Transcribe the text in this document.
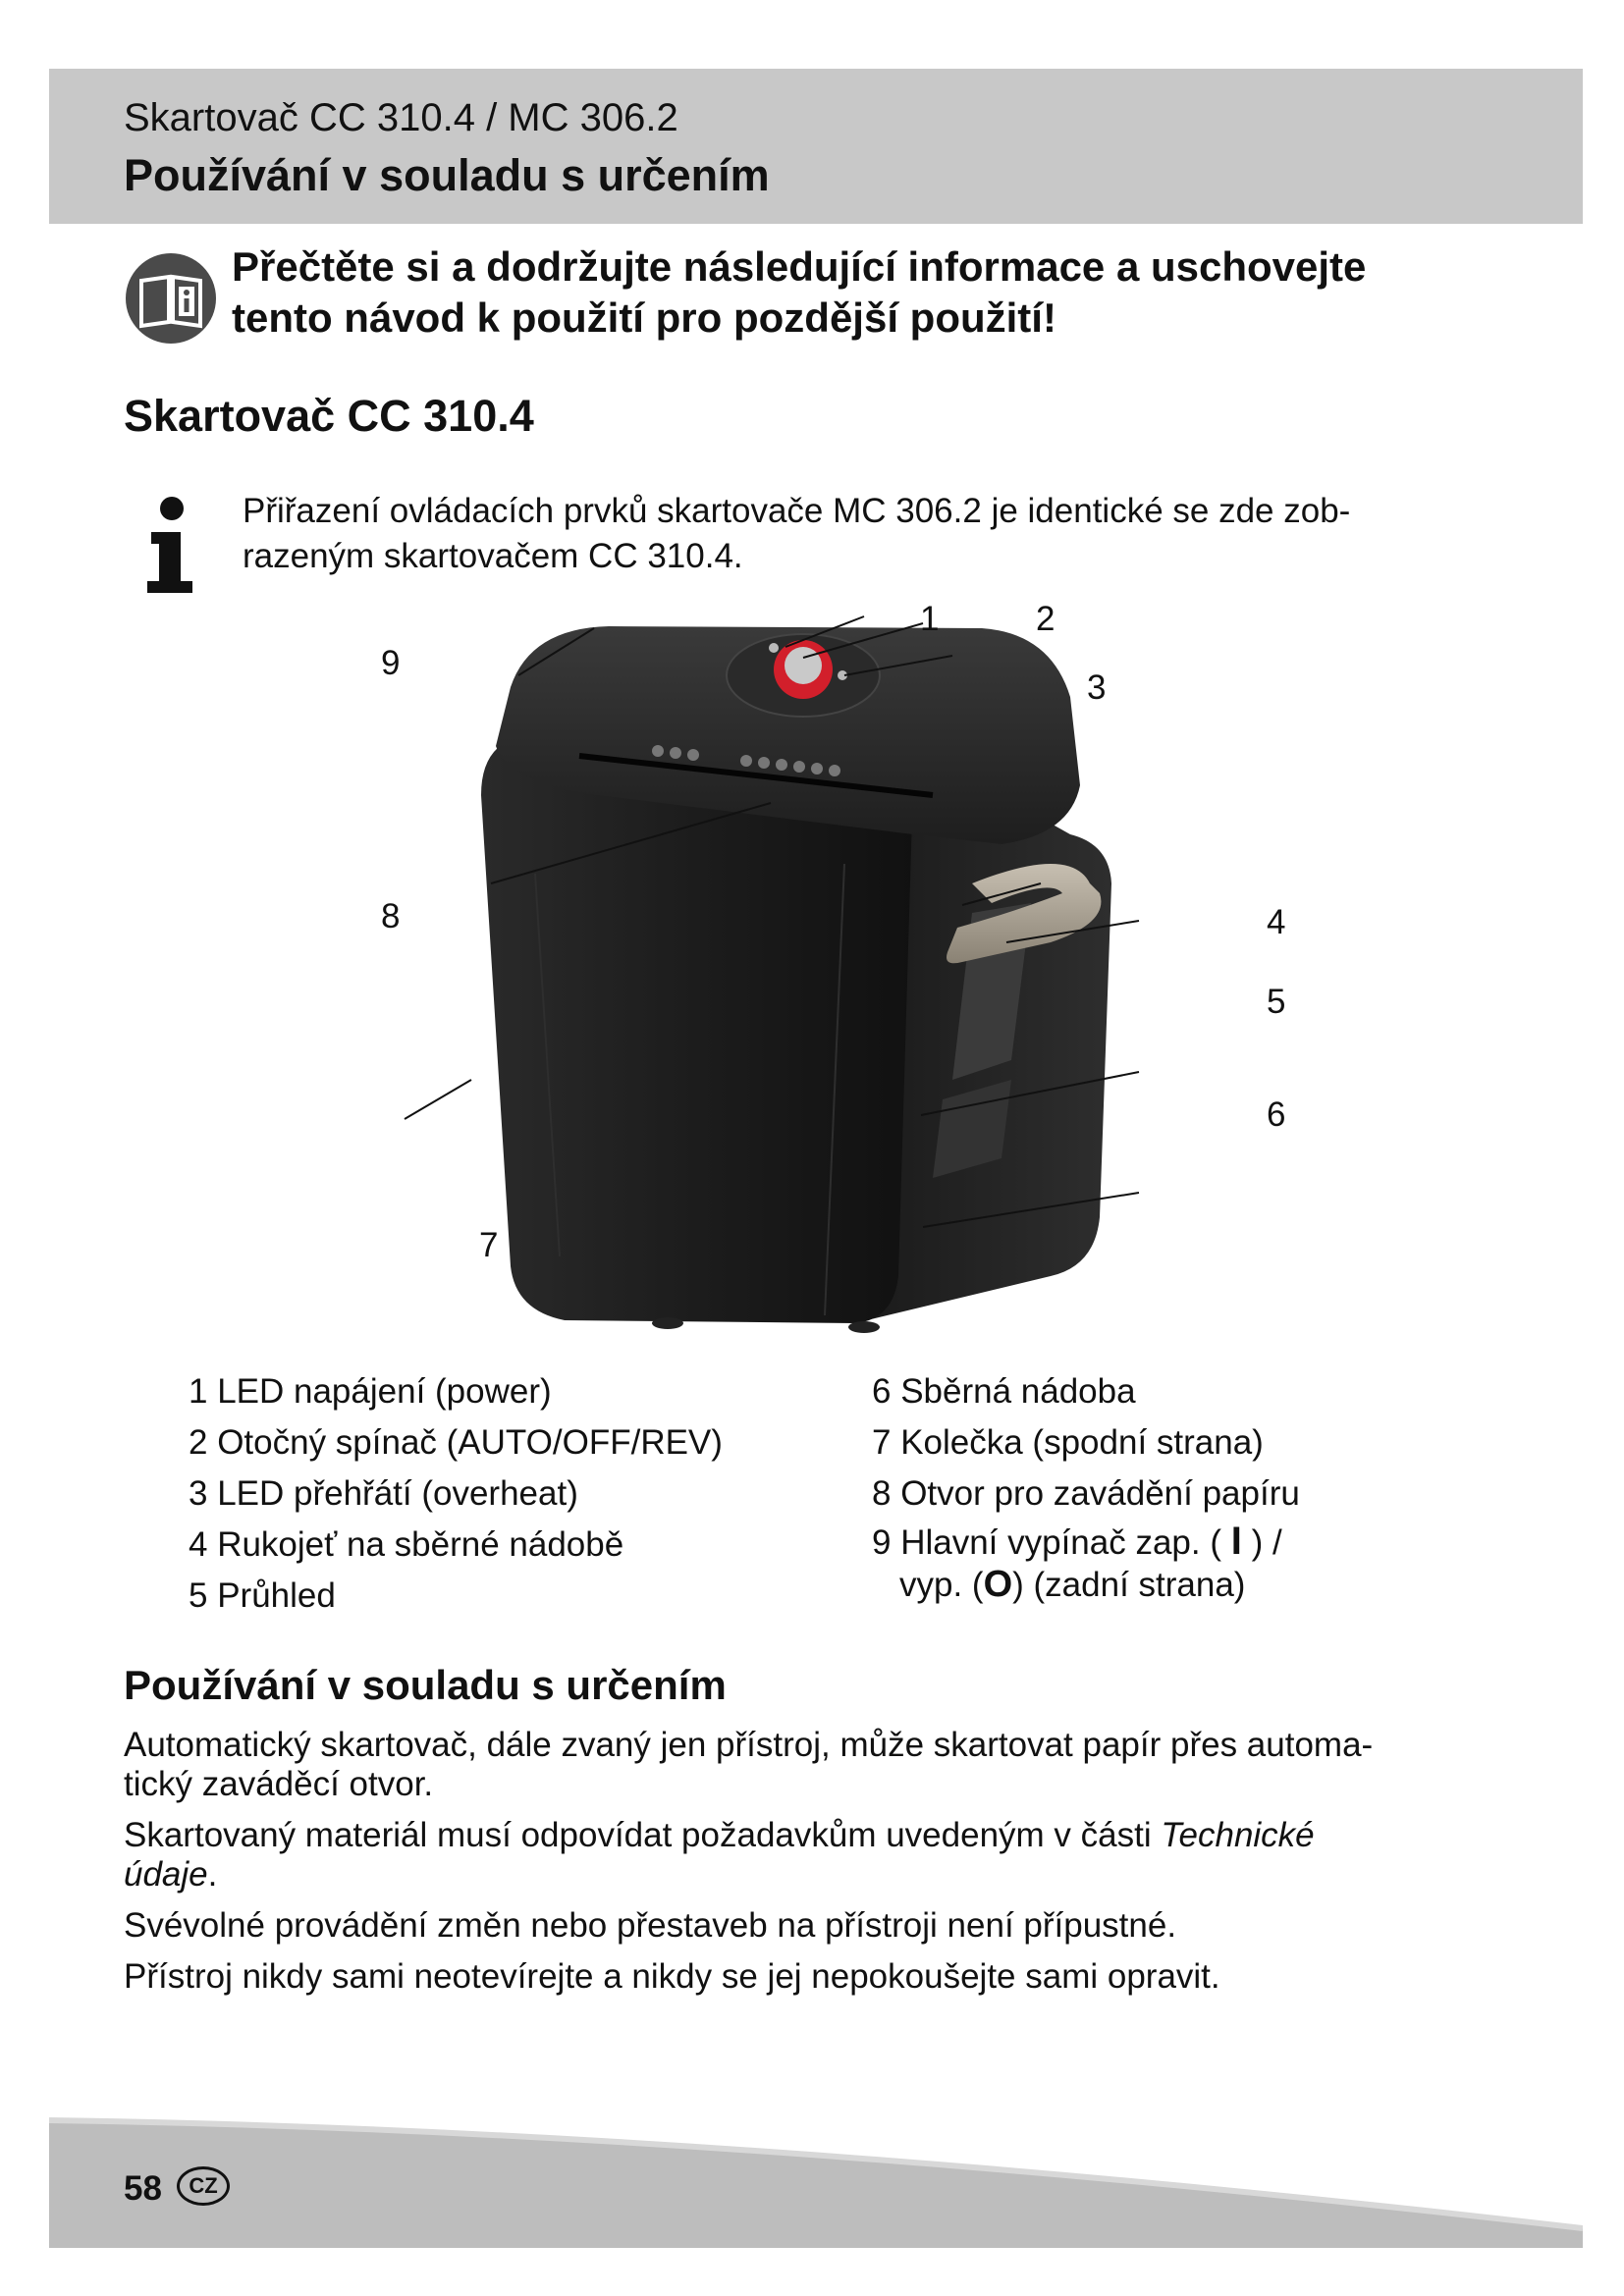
Skartovač CC 310.4 / MC 306.2
Používání v souladu s určením
Přečtěte si a dodržujte následující informace a uschovejte
tento návod k použití pro pozdější použití!
Skartovač CC 310.4
Přiřazení ovládacích prvků skartovače MC 306.2 je identické se zde zob-
razeným skartovačem CC 310.4.
1	2
3
4
5
6
7
8
9
1 LED napájení (power)
2 Otočný spínač (AUTO/OFF/REV)
3 LED přehřátí (overheat)
4 Rukojeť na sběrné nádobě
5 Průhled
6 Sběrná nádoba
7 Kolečka (spodní strana)
8 Otvor pro zavádění papíru
9 Hlavní vypínač zap. ( I ) /
vyp. (O) (zadní strana)
Používání v souladu s určením

Automatický skartovač, dále zvaný jen přístroj, může skartovat papír přes automa-
tický zaváděcí otvor.

Skartovaný materiál musí odpovídat požadavkům uvedeným v části Technické
údaje.

Svévolné provádění změn nebo přestaveb na přístroji není přípustné.

Přístroj nikdy sami neotevírejte a nikdy se jej nepokoušejte sami opravit.

58	CZ
